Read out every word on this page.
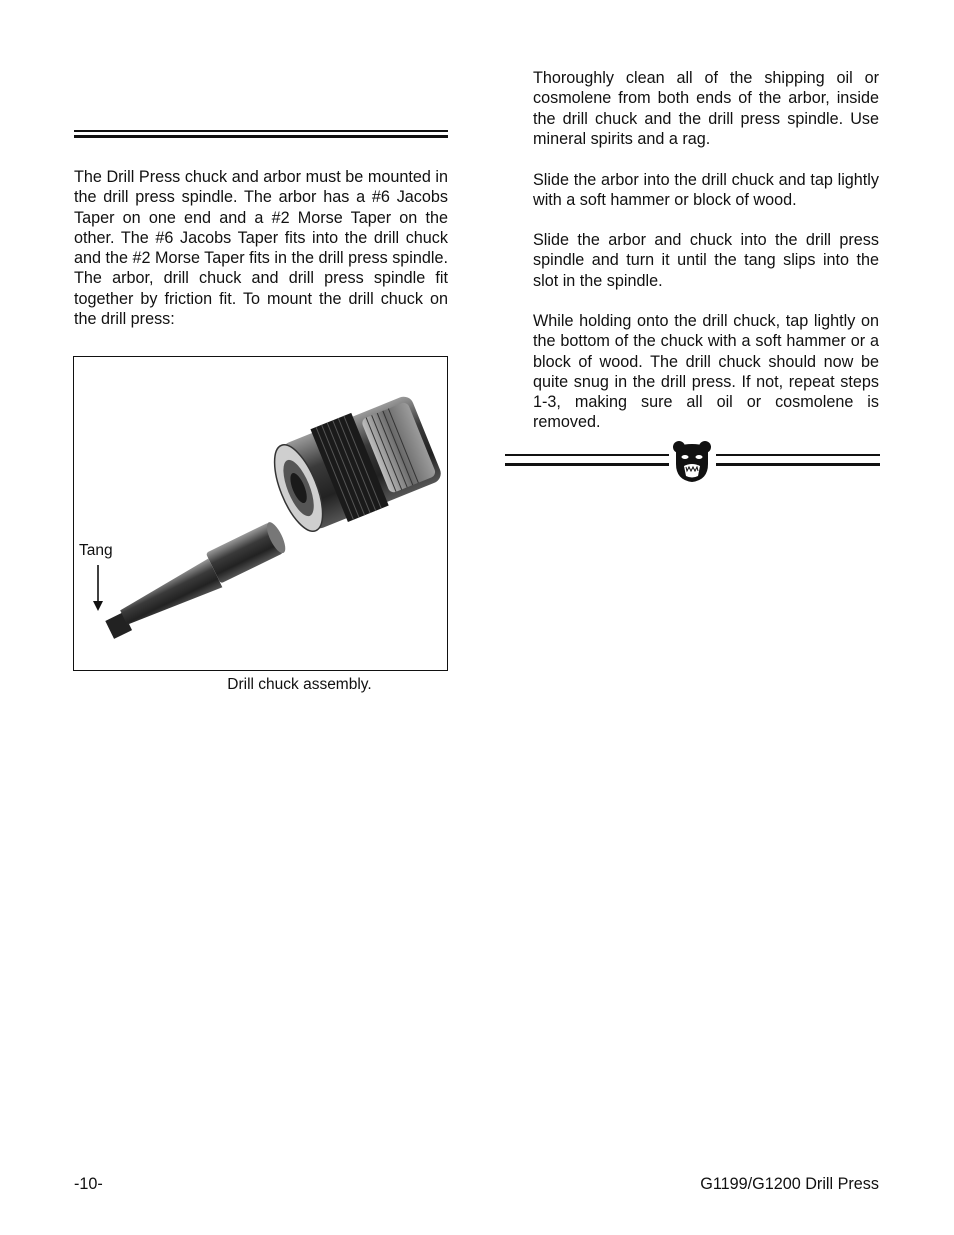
The Drill Press chuck and arbor must be mounted in the drill press spindle. The arbor has a #6 Jacobs Taper on one end and a #2 Morse Taper on the other. The #6 Jacobs Taper fits into the drill chuck and the #2 Morse Taper fits in the drill press spindle. The arbor, drill chuck and drill press spindle fit together by friction fit. To mount the drill chuck on the drill press:

Tang
Drill chuck assembly.

Thoroughly clean all of the shipping oil or cosmolene from both ends of the arbor, inside the drill chuck and the drill press spindle. Use mineral spirits and a rag.

Slide the arbor into the drill chuck and tap lightly with a soft hammer or block of wood.

Slide the arbor and chuck into the drill press spindle and turn it until the tang slips into the slot in the spindle.

While holding onto the drill chuck, tap lightly on the bottom of the chuck with a soft hammer or a block of wood. The drill chuck should now be quite snug in the drill press. If not, repeat steps 1-3, making sure all oil or cosmolene is removed.

-10-	G1199/G1200 Drill Press
